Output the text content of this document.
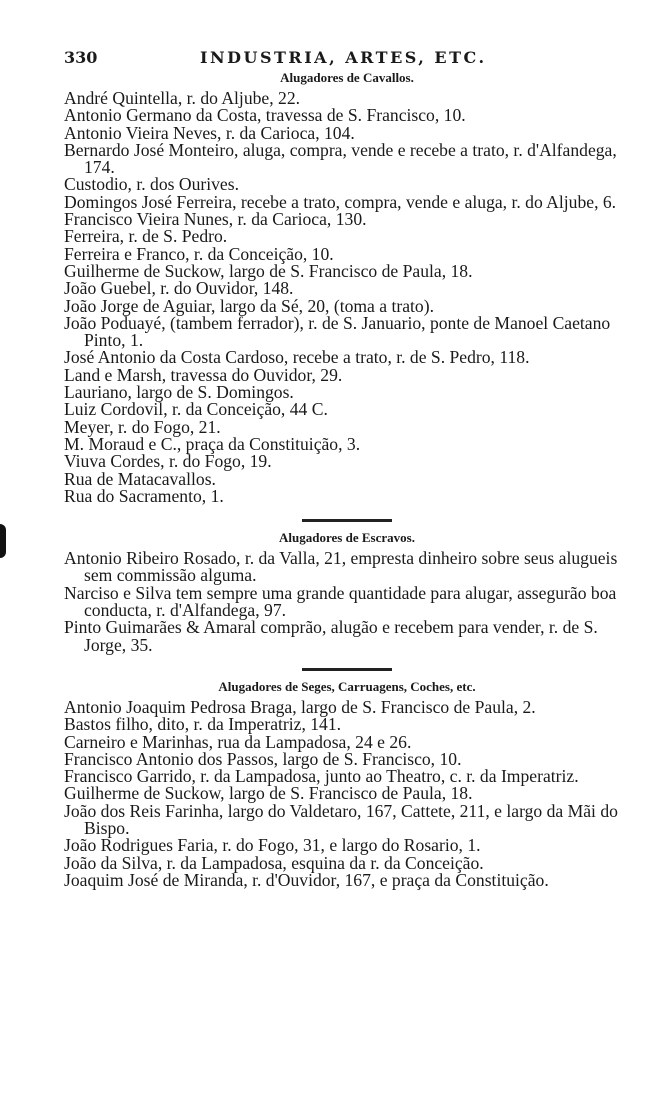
330	INDUSTRIA, ARTES, ETC.
Alugadores de Cavallos.
André Quintella, r. do Aljube, 22.
Antonio Germano da Costa, travessa de S. Francisco, 10.
Antonio Vieira Neves, r. da Carioca, 104.
Bernardo José Monteiro, aluga, compra, vende e recebe a trato, r. d'Alfandega, 174.
Custodio, r. dos Ourives.
Domingos José Ferreira, recebe a trato, compra, vende e aluga, r. do Aljube, 6.
Francisco Vieira Nunes, r. da Carioca, 130.
Ferreira, r. de S. Pedro.
Ferreira e Franco, r. da Conceição, 10.
Guilherme de Suckow, largo de S. Francisco de Paula, 18.
João Guebel, r. do Ouvidor, 148.
João Jorge de Aguiar, largo da Sé, 20, (toma a trato).
João Poduayé, (tambem ferrador), r. de S. Januario, ponte de Manoel Caetano Pinto, 1.
José Antonio da Costa Cardoso, recebe a trato, r. de S. Pedro, 118.
Land e Marsh, travessa do Ouvidor, 29.
Lauriano, largo de S. Domingos.
Luiz Cordovil, r. da Conceição, 44 C.
Meyer, r. do Fogo, 21.
M. Moraud e C., praça da Constituição, 3.
Viuva Cordes, r. do Fogo, 19.
Rua de Matacavallos.
Rua do Sacramento, 1.
Alugadores de Escravos.
Antonio Ribeiro Rosado, r. da Valla, 21, empresta dinheiro sobre seus alugueis sem commissão alguma.
Narciso e Silva tem sempre uma grande quantidade para alugar, assegurão boa conducta, r. d'Alfandega, 97.
Pinto Guimarães & Amaral comprão, alugão e recebem para vender, r. de S. Jorge, 35.
Alugadores de Seges, Carruagens, Coches, etc.
Antonio Joaquim Pedrosa Braga, largo de S. Francisco de Paula, 2.
Bastos filho, dito, r. da Imperatriz, 141.
Carneiro e Marinhas, rua da Lampadosa, 24 e 26.
Francisco Antonio dos Passos, largo de S. Francisco, 10.
Francisco Garrido, r. da Lampadosa, junto ao Theatro, c. r. da Imperatriz.
Guilherme de Suckow, largo de S. Francisco de Paula, 18.
João dos Reis Farinha, largo do Valdetaro, 167, Cattete, 211, e largo da Mãi do Bispo.
João Rodrigues Faria, r. do Fogo, 31, e largo do Rosario, 1.
João da Silva, r. da Lampadosa, esquina da r. da Conceição.
Joaquim José de Miranda, r. d'Ouvidor, 167, e praça da Constituição.
